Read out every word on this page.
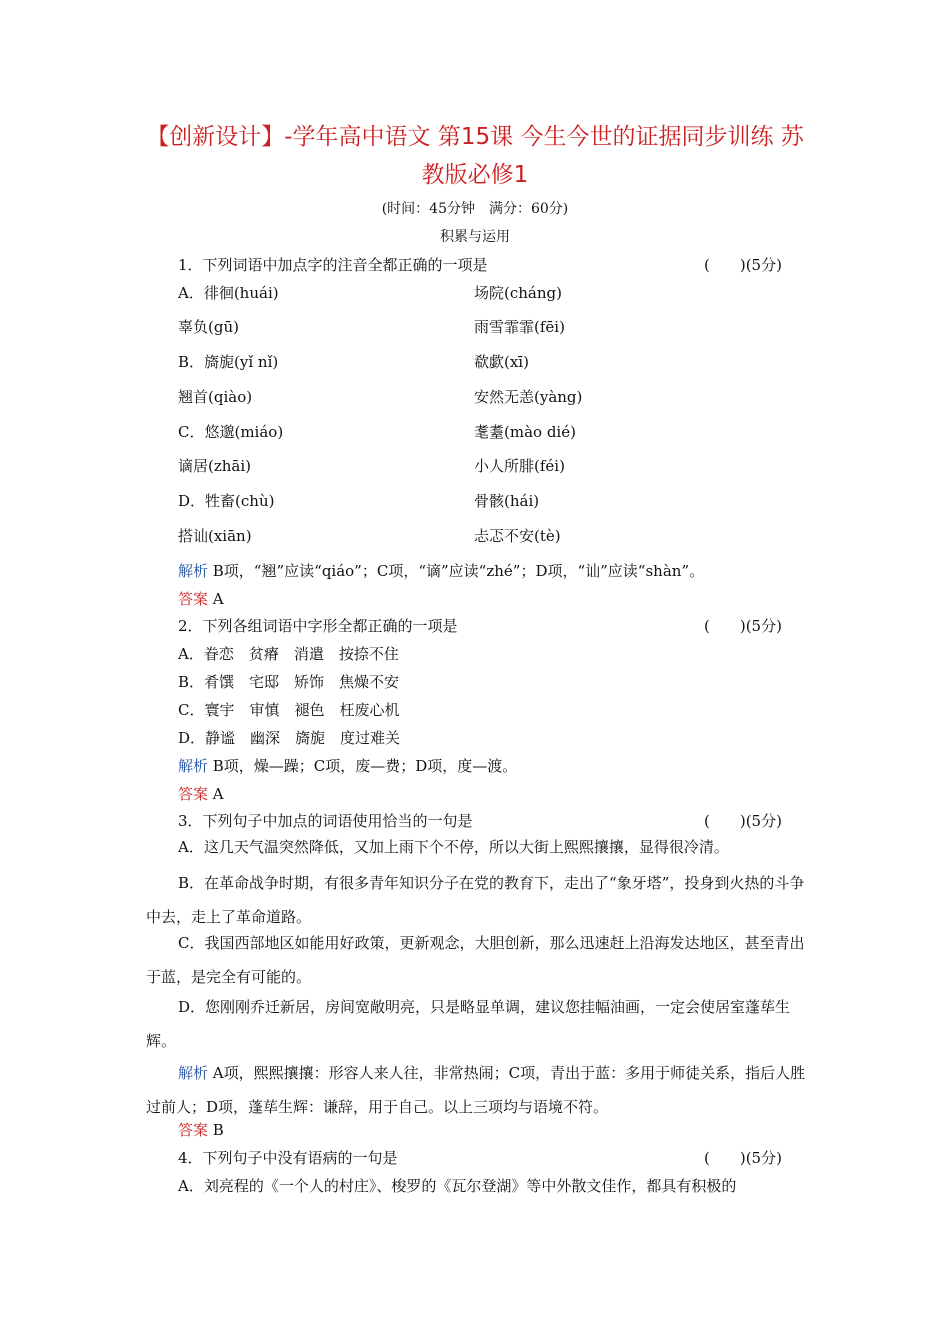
【创新设计】-学年高中语文 第15课 今生今世的证据同步训练 苏教版必修1
(时间：45分钟　满分：60分)
积累与运用
1．下列词语中加点字的注音全都正确的一项是	(　　)(5分)
A．徘徊(huái)	场院(cháng)
辜负(gū)	雨雪霏霏(fēi)
B．旖旎(yǐ nǐ)	欷歔(xī)
翘首(qiào)	安然无恙(yàng)
C．悠邈(miáo)	耄耋(mào dié)
谪居(zhāi)	小人所腓(féi)
D．牲畜(chù)	骨骸(hái)
搭讪(xiān)	忐忑不安(tè)
解析 B项，“翘”应读“qiáo”；C项，“谪”应读“zhé”；D项，“讪”应读“shàn”。
答案 A
2．下列各组词语中字形全都正确的一项是	(　　)(5分)
A．眷恋　贫瘠　消遣　按捺不住
B．肴馔　宅邸　矫饰　焦燥不安
C．寰宇　审慎　褪色　枉废心机
D．静谧　幽深　旖旎　度过难关
解析 B项，燥—躁；C项，废—费；D项，度—渡。
答案 A
3．下列句子中加点的词语使用恰当的一句是	(　　)(5分)
A．这几天气温突然降低，又加上雨下个不停，所以大街上熙熙攘攘，显得很冷清。
B．在革命战争时期，有很多青年知识分子在党的教育下，走出了“象牙塔”，投身到火热的斗争中去，走上了革命道路。
C．我国西部地区如能用好政策，更新观念，大胆创新，那么迅速赶上沿海发达地区，甚至青出于蓝，是完全有可能的。
D．您刚刚乔迁新居，房间宽敞明亮，只是略显单调，建议您挂幅油画，一定会使居室蓬荜生辉。
解析 A项，熙熙攘攘：形容人来人往，非常热闹；C项，青出于蓝：多用于师徒关系，指后人胜过前人；D项，蓬荜生辉：谦辞，用于自己。以上三项均与语境不符。
答案 B
4．下列句子中没有语病的一句是	(　　)(5分)
A．刘亮程的《一个人的村庄》、梭罗的《瓦尔登湖》等中外散文佳作，都具有积极的
